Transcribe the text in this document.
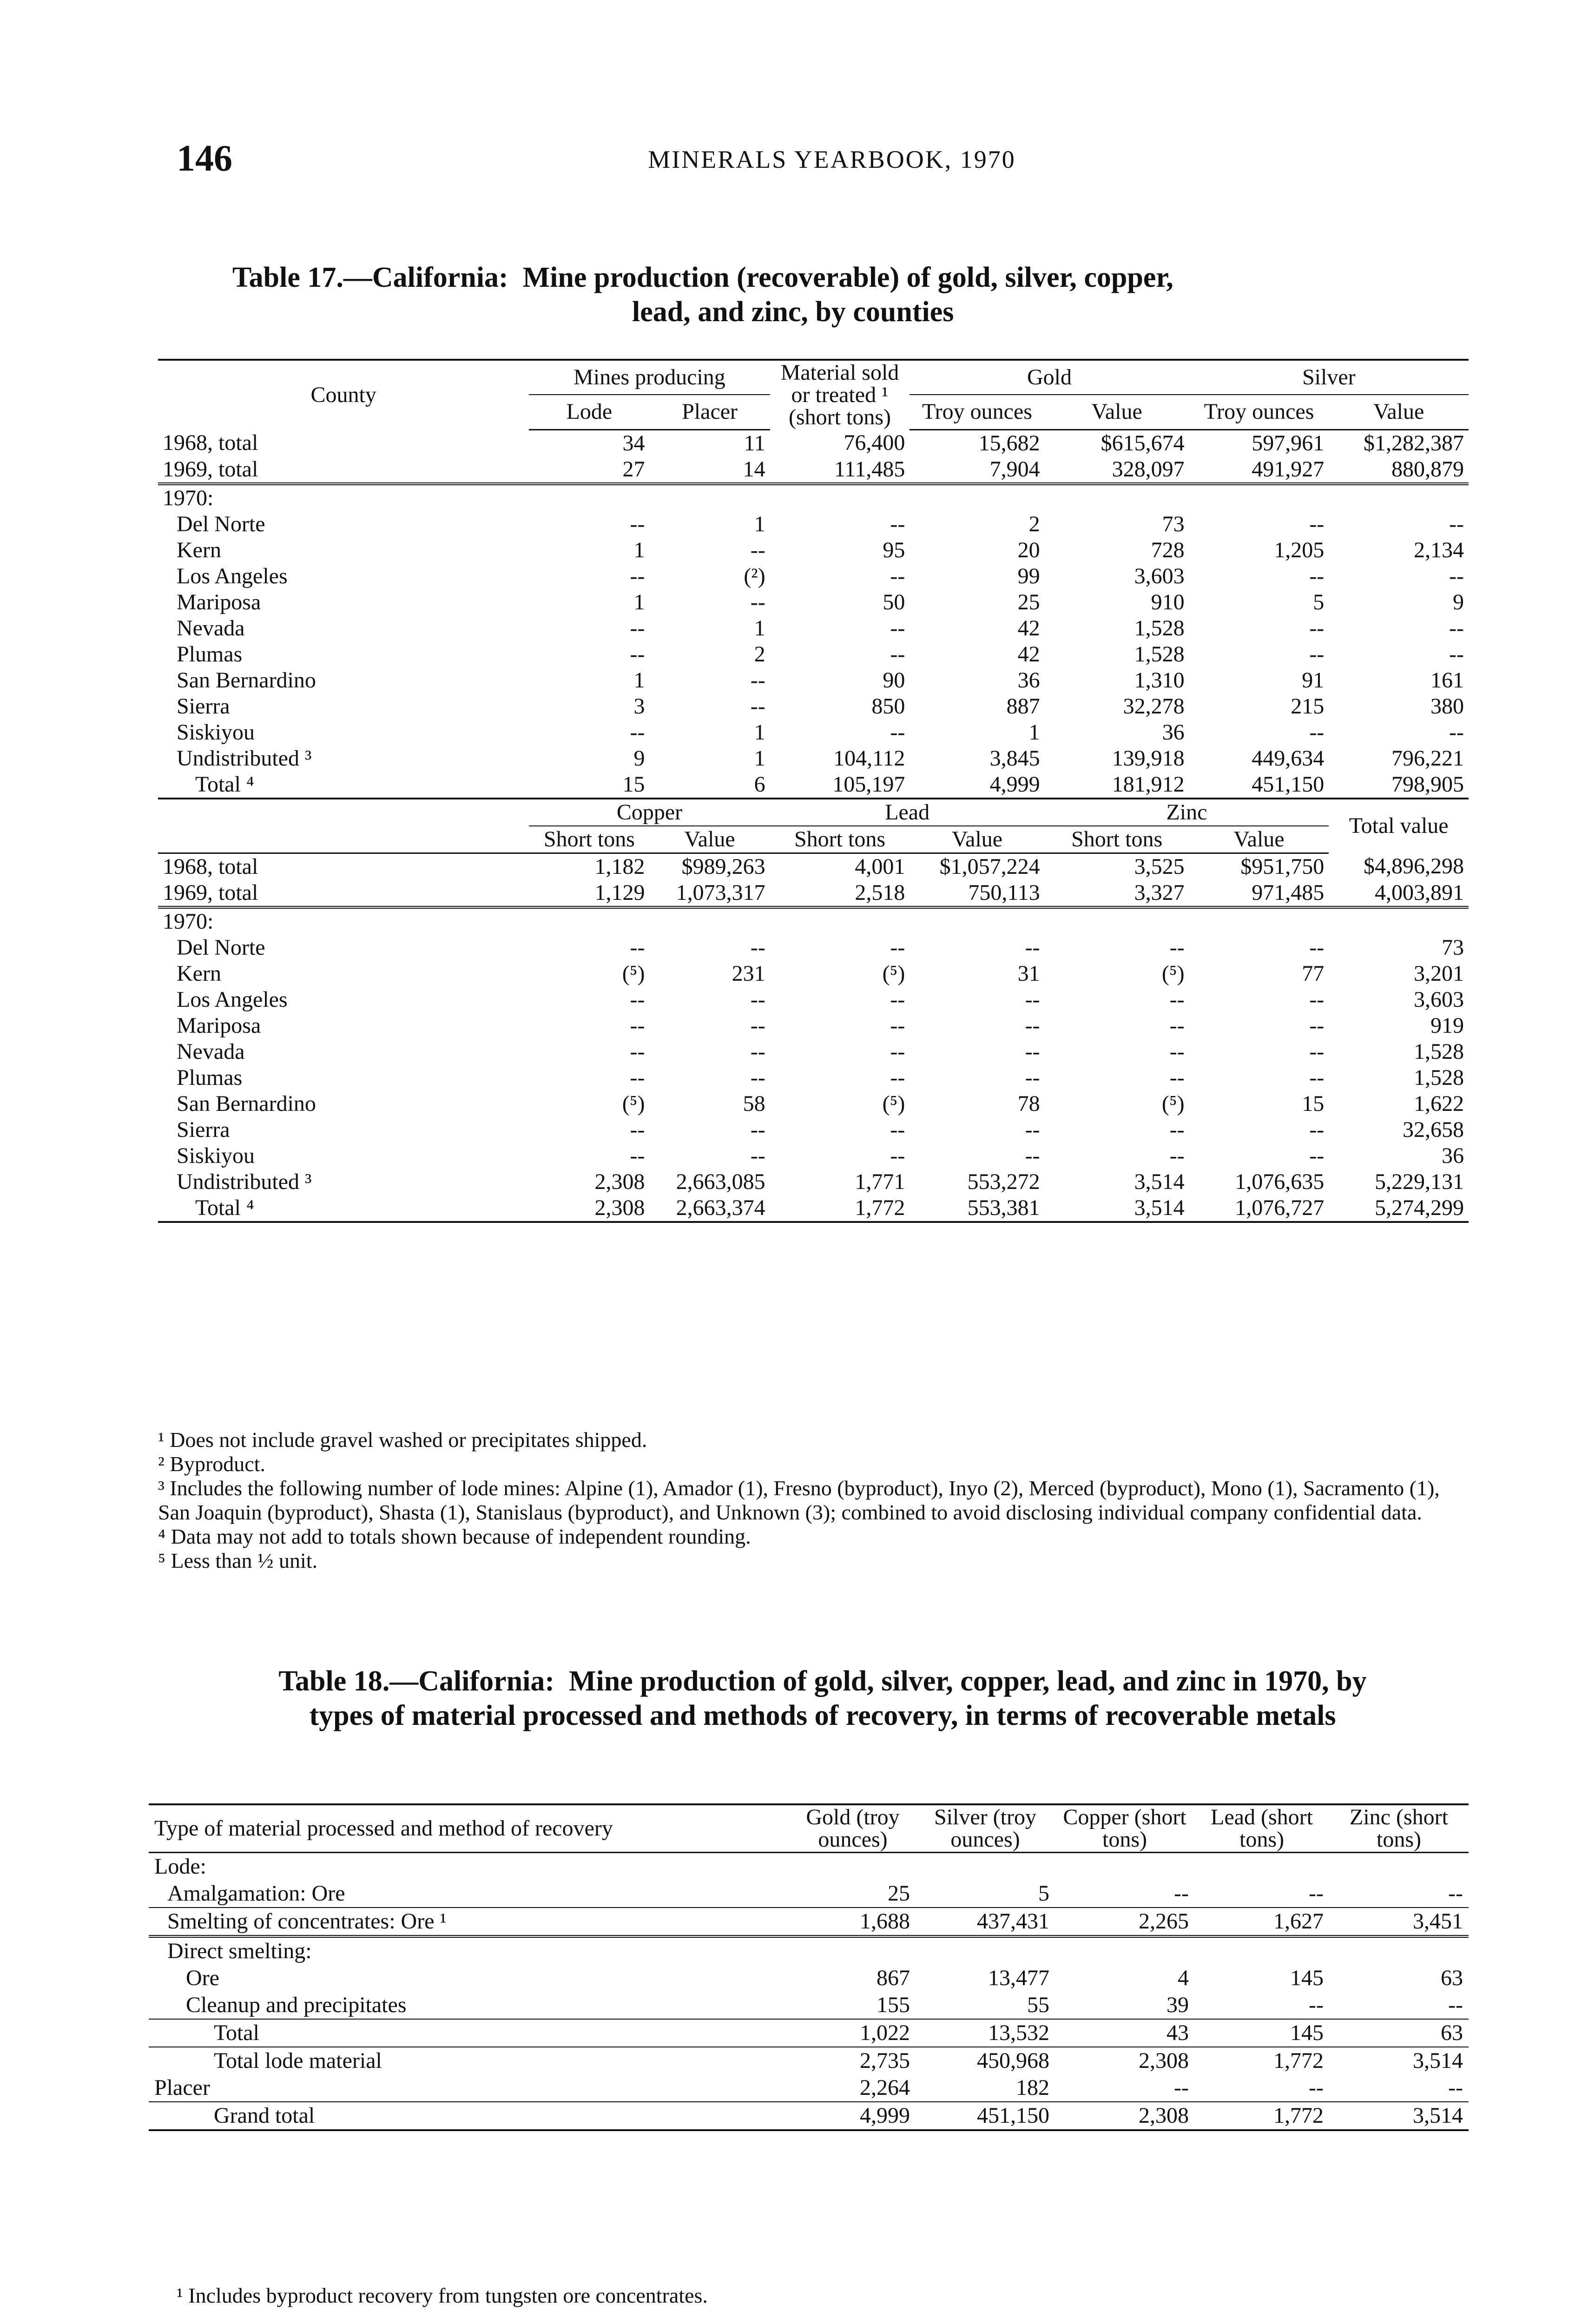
146	MINERALS YEARBOOK, 1970
Table 17.—California: Mine production (recoverable) of gold, silver, copper,
lead, and zinc, by counties
County	Mines producing		Material sold or treated ¹ (short tons)	Gold		Silver	
	Lode	Placer		Troy ounces	Value	Troy ounces	Value
1968, total	34	11	76,400	15,682	$615,674	597,961	$1,282,387
1969, total	27	14	111,485	7,904	328,097	491,927	880,879
1970:							
Del Norte	--	1	--	2	73	--	--
Kern	1	--	95	20	728	1,205	2,134
Los Angeles	--	(²)	--	99	3,603	--	--
Mariposa	1	--	50	25	910	5	9
Nevada	--	1	--	42	1,528	--	--
Plumas	--	2	--	42	1,528	--	--
San Bernardino	1	--	90	36	1,310	91	161
Sierra	3	--	850	887	32,278	215	380
Siskiyou	--	1	--	1	36	--	--
Undistributed ³	9	1	104,112	3,845	139,918	449,634	796,221
Total ⁴	15	6	105,197	4,999	181,912	451,150	798,905
	Copper		Lead		Zinc		Total value
	Short tons	Value	Short tons	Value	Short tons	Value	
1968, total	1,182	$989,263	4,001	$1,057,224	3,525	$951,750	$4,896,298
1969, total	1,129	1,073,317	2,518	750,113	3,327	971,485	4,003,891
1970:							
Del Norte	--	--	--	--	--	--	73
Kern	(⁵)	231	(⁵)	31	(⁵)	77	3,201
Los Angeles	--	--	--	--	--	--	3,603
Mariposa	--	--	--	--	--	--	919
Nevada	--	--	--	--	--	--	1,528
Plumas	--	--	--	--	--	--	1,528
San Bernardino	(⁵)	58	(⁵)	78	(⁵)	15	1,622
Sierra	--	--	--	--	--	--	32,658
Siskiyou	--	--	--	--	--	--	36
Undistributed ³	2,308	2,663,085	1,771	553,272	3,514	1,076,635	5,229,131
Total ⁴	2,308	2,663,374	1,772	553,381	3,514	1,076,727	5,274,299
¹ Does not include gravel washed or precipitates shipped.
² Byproduct.
³ Includes the following number of lode mines: Alpine (1), Amador (1), Fresno (byproduct), Inyo (2), Merced (byproduct), Mono (1), Sacramento (1), San Joaquin (byproduct), Shasta (1), Stanislaus (byproduct), and Unknown (3); combined to avoid disclosing individual company confidential data.
⁴ Data may not add to totals shown because of independent rounding.
⁵ Less than ½ unit.
Table 18.—California: Mine production of gold, silver, copper, lead, and zinc in 1970, by types of material processed and methods of recovery, in terms of recoverable metals
Type of material processed and method of recovery	Gold (troy ounces)	Silver (troy ounces)	Copper (short tons)	Lead (short tons)	Zinc (short tons)
Lode:					
Amalgamation: Ore	25	5	--	--	--
Smelting of concentrates: Ore ¹	1,688	437,431	2,265	1,627	3,451
Direct smelting:					
Ore	867	13,477	4	145	63
Cleanup and precipitates	155	55	39	--	--
Total	1,022	13,532	43	145	63
Total lode material	2,735	450,968	2,308	1,772	3,514
Placer	2,264	182	--	--	--
Grand total	4,999	451,150	2,308	1,772	3,514
¹ Includes byproduct recovery from tungsten ore concentrates.
